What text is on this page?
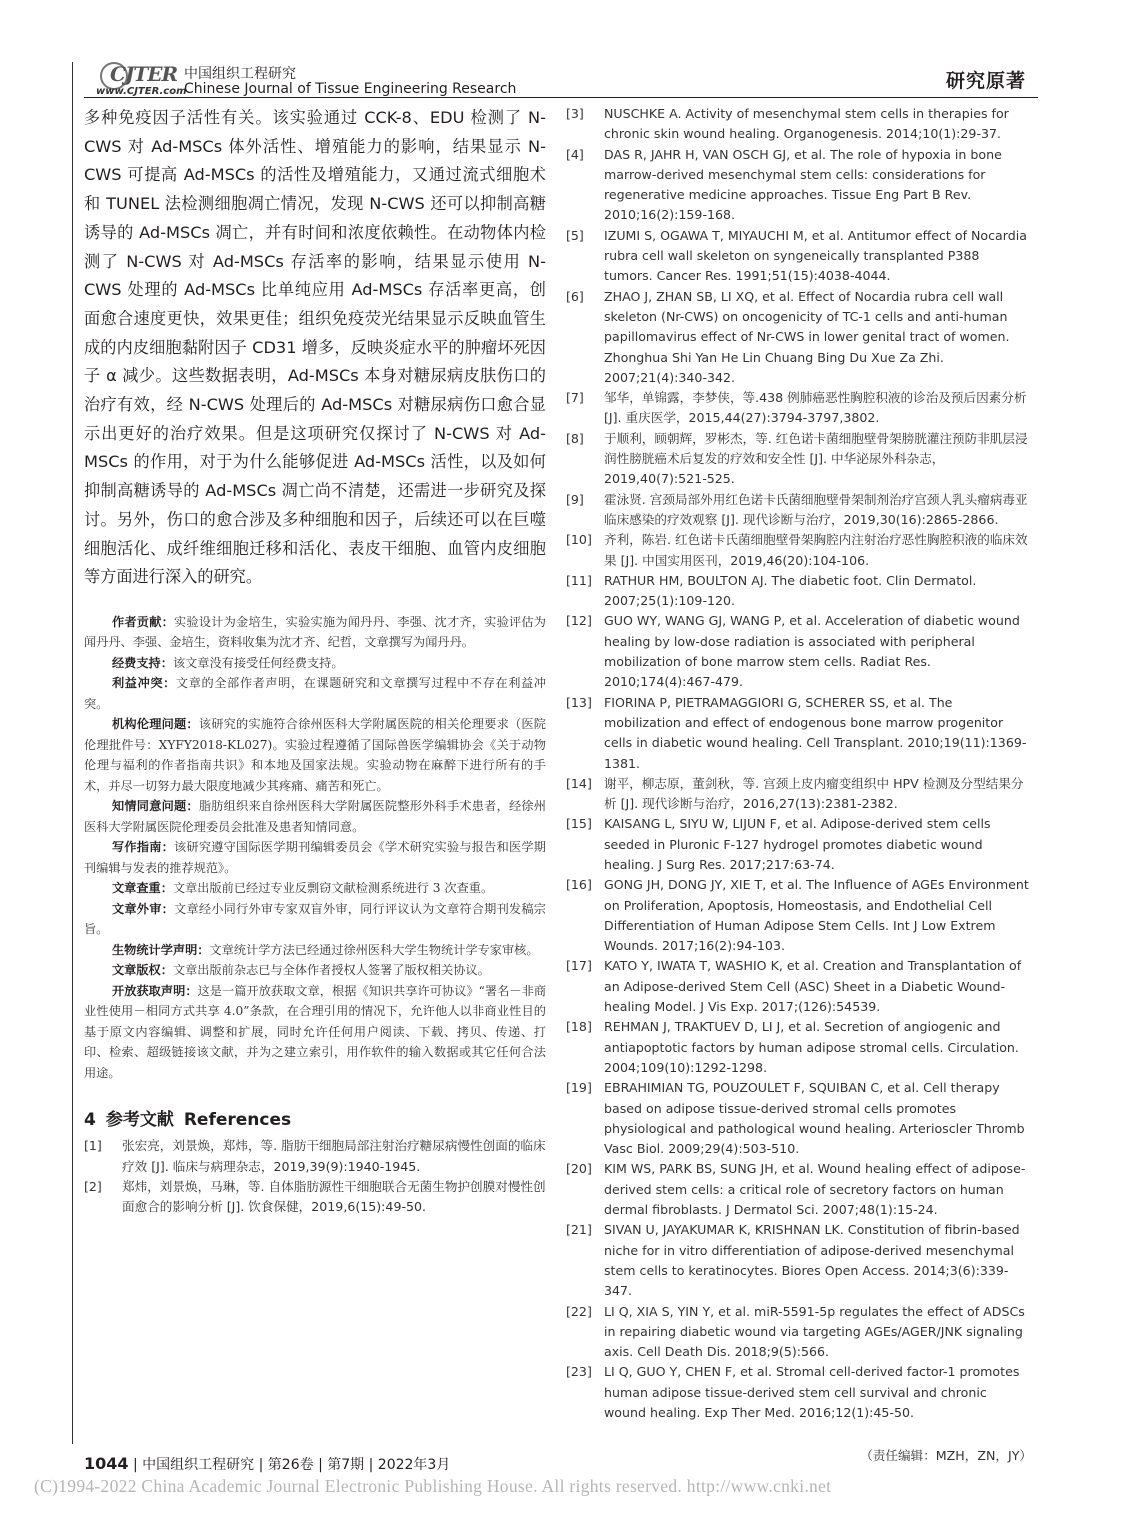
CJTER
www.CJTER.com
中国组织工程研究
Chinese Journal of Tissue Engineering Research	研究原著

多种免疫因子活性有关。该实验通过 CCK-8、EDU 检测了 N-CWS 对 Ad-MSCs 体外活性、增殖能力的影响，结果显示 N-CWS 可提高 Ad-MSCs 的活性及增殖能力，又通过流式细胞术和 TUNEL 法检测细胞凋亡情况，发现 N-CWS 还可以抑制高糖诱导的 Ad-MSCs 凋亡，并有时间和浓度依赖性。在动物体内检测了 N-CWS 对 Ad-MSCs 存活率的影响，结果显示使用 N-CWS 处理的 Ad-MSCs 比单纯应用 Ad-MSCs 存活率更高，创面愈合速度更快，效果更佳；组织免疫荧光结果显示反映血管生成的内皮细胞黏附因子 CD31 增多，反映炎症水平的肿瘤坏死因子 α 减少。这些数据表明，Ad-MSCs 本身对糖尿病皮肤伤口的治疗有效，经 N-CWS 处理后的 Ad-MSCs 对糖尿病伤口愈合显示出更好的治疗效果。但是这项研究仅探讨了 N-CWS 对 Ad-MSCs 的作用，对于为什么能够促进 Ad-MSCs 活性，以及如何抑制高糖诱导的 Ad-MSCs 凋亡尚不清楚，还需进一步研究及探讨。另外，伤口的愈合涉及多种细胞和因子，后续还可以在巨噬细胞活化、成纤维细胞迁移和活化、表皮干细胞、血管内皮细胞等方面进行深入的研究。

作者贡献：实验设计为金培生，实验实施为闻丹丹、李强、沈才齐，实验评估为闻丹丹、李强、金培生，资料收集为沈才齐、纪哲，文章撰写为闻丹丹。

经费支持：该文章没有接受任何经费支持。

利益冲突：文章的全部作者声明，在课题研究和文章撰写过程中不存在利益冲突。

机构伦理问题：该研究的实施符合徐州医科大学附属医院的相关伦理要求（医院伦理批件号：XYFY2018-KL027)。实验过程遵循了国际兽医学编辑协会《关于动物伦理与福利的作者指南共识》和本地及国家法规。实验动物在麻醉下进行所有的手术，并尽一切努力最大限度地减少其疼痛、痛苦和死亡。

知情同意问题：脂肪组织来自徐州医科大学附属医院整形外科手术患者，经徐州医科大学附属医院伦理委员会批准及患者知情同意。

写作指南：该研究遵守国际医学期刊编辑委员会《学术研究实验与报告和医学期刊编辑与发表的推荐规范》。

文章查重：文章出版前已经过专业反剽窃文献检测系统进行 3 次查重。

文章外审：文章经小同行外审专家双盲外审，同行评议认为文章符合期刊发稿宗旨。

生物统计学声明：文章统计学方法已经通过徐州医科大学生物统计学专家审核。

文章版权：文章出版前杂志已与全体作者授权人签署了版权相关协议。

开放获取声明：这是一篇开放获取文章，根据《知识共享许可协议》“署名－非商业性使用－相同方式共享 4.0”条款，在合理引用的情况下，允许他人以非商业性目的基于原文内容编辑、调整和扩展，同时允许任何用户阅读、下载、拷贝、传递、打印、检索、超级链接该文献，并为之建立索引，用作软件的输入数据或其它任何合法用途。

4 参考文献 References
[1]	张宏亮，刘景焕，郑炜，等. 脂肪干细胞局部注射治疗糖尿病慢性创面的临床疗效 [J]. 临床与病理杂志，2019,39(9):1940-1945.
[2]	郑炜，刘景焕，马琳，等. 自体脂肪源性干细胞联合无菌生物护创膜对慢性创面愈合的影响分析 [J]. 饮食保健，2019,6(15):49-50.
[3]	NUSCHKE A. Activity of mesenchymal stem cells in therapies for chronic skin wound healing. Organogenesis. 2014;10(1):29-37.
[4]	DAS R, JAHR H, VAN OSCH GJ, et al. The role of hypoxia in bone marrow-derived mesenchymal stem cells: considerations for regenerative medicine approaches. Tissue Eng Part B Rev. 2010;16(2):159-168.
[5]	IZUMI S, OGAWA T, MIYAUCHI M, et al. Antitumor effect of Nocardia rubra cell wall skeleton on syngeneically transplanted P388 tumors. Cancer Res. 1991;51(15):4038-4044.
[6]	ZHAO J, ZHAN SB, LI XQ, et al. Effect of Nocardia rubra cell wall skeleton (Nr-CWS) on oncogenicity of TC-1 cells and anti-human papillomavirus effect of Nr-CWS in lower genital tract of women. Zhonghua Shi Yan He Lin Chuang Bing Du Xue Za Zhi. 2007;21(4):340-342.
[7]	邹华，单锦露，李梦侠，等.438 例肺癌恶性胸腔积液的诊治及预后因素分析 [J]. 重庆医学，2015,44(27):3794-3797,3802.
[8]	于顺利，顾朝辉，罗彬杰，等. 红色诺卡菌细胞壁骨架膀胱灌注预防非肌层浸润性膀胱癌术后复发的疗效和安全性 [J]. 中华泌尿外科杂志，2019,40(7):521-525.
[9]	霍泳贤. 宫颈局部外用红色诺卡氏菌细胞壁骨架制剂治疗宫颈人乳头瘤病毒亚临床感染的疗效观察 [J]. 现代诊断与治疗，2019,30(16):2865-2866.
[10] 齐利，陈岩. 红色诺卡氏菌细胞壁骨架胸腔内注射治疗恶性胸腔积液的临床效果 [J]. 中国实用医刊，2019,46(20):104-106.
[11] RATHUR HM, BOULTON AJ. The diabetic foot. Clin Dermatol. 2007;25(1):109-120.
[12] GUO WY, WANG GJ, WANG P, et al. Acceleration of diabetic wound healing by low-dose radiation is associated with peripheral mobilization of bone marrow stem cells. Radiat Res. 2010;174(4):467-479.
[13] FIORINA P, PIETRAMAGGIORI G, SCHERER SS, et al. The mobilization and effect of endogenous bone marrow progenitor cells in diabetic wound healing. Cell Transplant. 2010;19(11):1369-1381.
[14] 谢平，柳志原，董剑秋，等. 宫颈上皮内瘤变组织中 HPV 检测及分型结果分析 [J]. 现代诊断与治疗，2016,27(13):2381-2382.
[15] KAISANG L, SIYU W, LIJUN F, et al. Adipose-derived stem cells seeded in Pluronic F-127 hydrogel promotes diabetic wound healing. J Surg Res. 2017;217:63-74.
[16] GONG JH, DONG JY, XIE T, et al. The Influence of AGEs Environment on Proliferation, Apoptosis, Homeostasis, and Endothelial Cell Differentiation of Human Adipose Stem Cells. Int J Low Extrem Wounds. 2017;16(2):94-103.
[17] KATO Y, IWATA T, WASHIO K, et al. Creation and Transplantation of an Adipose-derived Stem Cell (ASC) Sheet in a Diabetic Wound-healing Model. J Vis Exp. 2017;(126):54539.
[18] REHMAN J, TRAKTUEV D, LI J, et al. Secretion of angiogenic and antiapoptotic factors by human adipose stromal cells. Circulation. 2004;109(10):1292-1298.
[19] EBRAHIMIAN TG, POUZOULET F, SQUIBAN C, et al. Cell therapy based on adipose tissue-derived stromal cells promotes physiological and pathological wound healing. Arterioscler Thromb Vasc Biol. 2009;29(4):503-510.
[20] KIM WS, PARK BS, SUNG JH, et al. Wound healing effect of adipose-derived stem cells: a critical role of secretory factors on human dermal fibroblasts. J Dermatol Sci. 2007;48(1):15-24.
[21] SIVAN U, JAYAKUMAR K, KRISHNAN LK. Constitution of fibrin-based niche for in vitro differentiation of adipose-derived mesenchymal stem cells to keratinocytes. Biores Open Access. 2014;3(6):339-347.
[22] LI Q, XIA S, YIN Y, et al. miR-5591-5p regulates the effect of ADSCs in repairing diabetic wound via targeting AGEs/AGER/JNK signaling axis. Cell Death Dis. 2018;9(5):566.
[23] LI Q, GUO Y, CHEN F, et al. Stromal cell-derived factor-1 promotes human adipose tissue-derived stem cell survival and chronic wound healing. Exp Ther Med. 2016;12(1):45-50.
（责任编辑：MZH，ZN，JY）
1044 | 中国组织工程研究 | 第26卷 | 第7期 | 2022年3月
(C)1994-2022 China Academic Journal Electronic Publishing House. All rights reserved. http://www.cnki.net
